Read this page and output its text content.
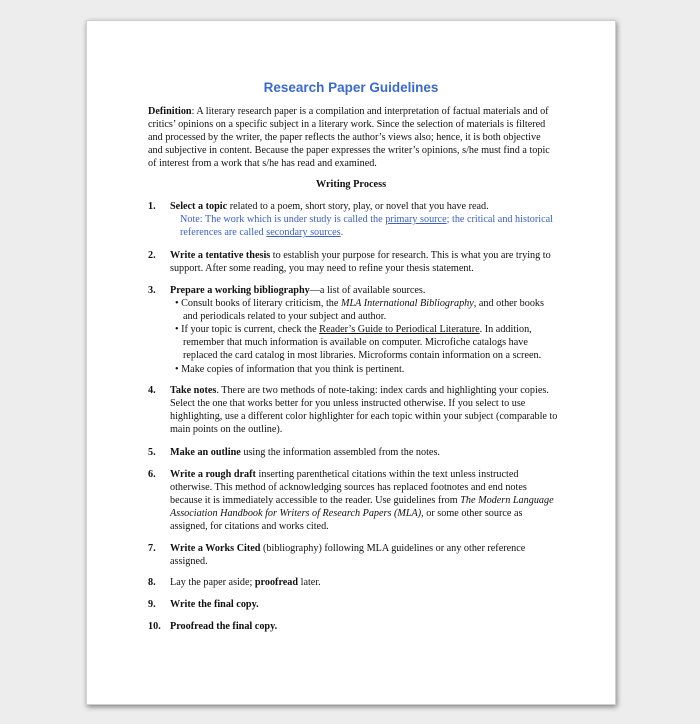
Research Paper Guidelines
Definition: A literary research paper is a compilation and interpretation of factual materials and of critics’ opinions on a specific subject in a literary work. Since the selection of materials is filtered and processed by the writer, the paper reflects the author’s views also; hence, it is both objective and subjective in content. Because the paper expresses the writer’s opinions, s/he must find a topic of interest from a work that s/he has read and examined.
Writing Process
1. Select a topic related to a poem, short story, play, or novel that you have read.
Note: The work which is under study is called the primary source; the critical and historical references are called secondary sources.
2. Write a tentative thesis to establish your purpose for research. This is what you are trying to support. After some reading, you may need to refine your thesis statement.
3. Prepare a working bibliography—a list of available sources.
• Consult books of literary criticism, the MLA International Bibliography, and other books and periodicals related to your subject and author.
• If your topic is current, check the Reader’s Guide to Periodical Literature. In addition, remember that much information is available on computer. Microfiche catalogs have replaced the card catalog in most libraries. Microforms contain information on a screen.
• Make copies of information that you think is pertinent.
4. Take notes. There are two methods of note-taking: index cards and highlighting your copies. Select the one that works better for you unless instructed otherwise. If you select to use highlighting, use a different color highlighter for each topic within your subject (comparable to main points on the outline).
5. Make an outline using the information assembled from the notes.
6. Write a rough draft inserting parenthetical citations within the text unless instructed otherwise. This method of acknowledging sources has replaced footnotes and end notes because it is immediately accessible to the reader. Use guidelines from The Modern Language Association Handbook for Writers of Research Papers (MLA), or some other source as assigned, for citations and works cited.
7. Write a Works Cited (bibliography) following MLA guidelines or any other reference assigned.
8. Lay the paper aside; proofread later.
9. Write the final copy.
10. Proofread the final copy.
